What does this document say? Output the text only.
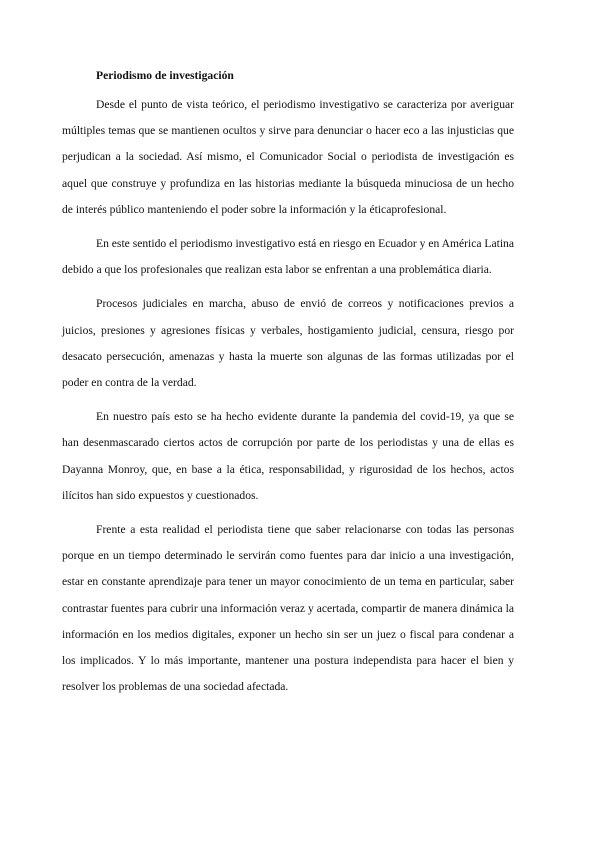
Periodismo de investigación

Desde el punto de vista teórico, el periodismo investigativo se caracteriza por averiguar múltiples temas que se mantienen ocultos y sirve para denunciar o hacer eco a las injusticias que perjudican a la sociedad. Así mismo, el Comunicador Social o periodista de investigación es aquel que construye y profundiza en las historias mediante la búsqueda minuciosa de un hecho de interés público manteniendo el poder sobre la información y la éticaprofesional.

En este sentido el periodismo investigativo está en riesgo en Ecuador y en América Latina debido a que los profesionales que realizan esta labor se enfrentan a una problemática diaria.

Procesos judiciales en marcha, abuso de envió de correos y notificaciones previos a juicios, presiones y agresiones físicas y verbales, hostigamiento judicial, censura, riesgo por desacato persecución, amenazas y hasta la muerte son algunas de las formas utilizadas por el poder en contra de la verdad.

En nuestro país esto se ha hecho evidente durante la pandemia del covid-19, ya que se han desenmascarado ciertos actos de corrupción por parte de los periodistas y una de ellas es Dayanna Monroy, que, en base a la ética, responsabilidad, y rigurosidad de los hechos, actos ilícitos han sido expuestos y cuestionados.

Frente a esta realidad el periodista tiene que saber relacionarse con todas las personas porque en un tiempo determinado le servirán como fuentes para dar inicio a una investigación, estar en constante aprendizaje para tener un mayor conocimiento de un tema en particular, saber contrastar fuentes para cubrir una información veraz y acertada, compartir de manera dinámica la información en los medios digitales, exponer un hecho sin ser un juez o fiscal para condenar a los implicados. Y lo más importante, mantener una postura independista para hacer el bien y resolver los problemas de una sociedad afectada.
